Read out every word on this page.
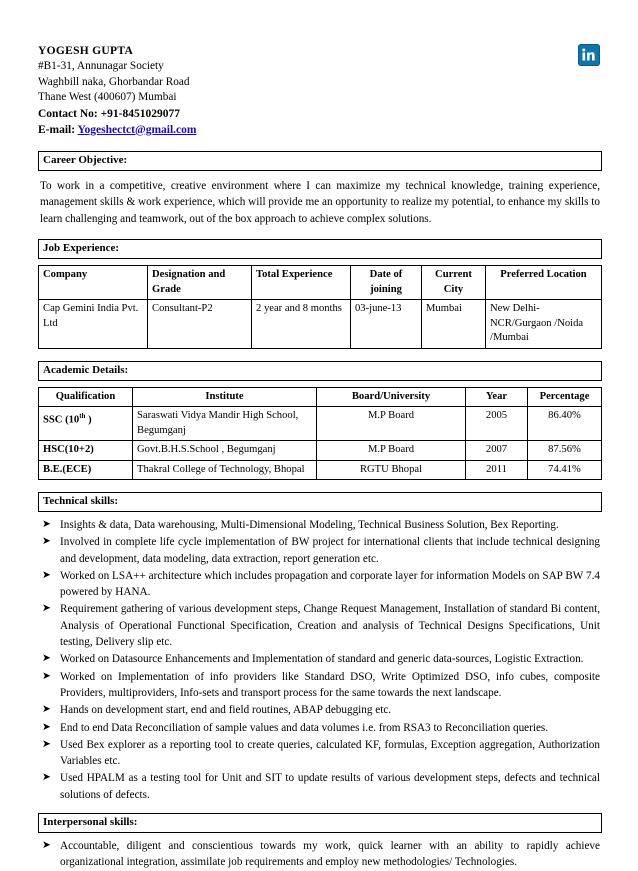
YOGESH GUPTA
#B1-31, Annunagar Society
Waghbill naka, Ghorbandar Road
Thane West (400607) Mumbai
Contact No: +91-8451029077
E-mail: Yogeshectct@gmail.com
Career Objective:
To work in a competitive, creative environment where I can maximize my technical knowledge, training experience, management skills & work experience, which will provide me an opportunity to realize my potential, to enhance my skills to learn challenging and teamwork, out of the box approach to achieve complex solutions.
Job Experience:
Company	Designation and Grade	Total Experience	Date of joining	Current City	Preferred Location
Cap Gemini India Pvt. Ltd	Consultant-P2	2 year and 8 months	03-june-13	Mumbai	New Delhi-NCR/Gurgaon /Noida /Mumbai
Academic Details:
Qualification	Institute	Board/University	Year	Percentage
SSC (10th )	Saraswati Vidya Mandir High School, Begumganj	M.P Board	2005	86.40%
HSC(10+2)	Govt.B.H.S.School , Begumganj	M.P Board	2007	87.56%
B.E.(ECE)	Thakral College of Technology, Bhopal	RGTU Bhopal	2011	74.41%
Technical skills:
➤ Insights & data, Data warehousing, Multi-Dimensional Modeling, Technical Business Solution, Bex Reporting.
➤ Involved in complete life cycle implementation of BW project for international clients that include technical designing and development, data modeling, data extraction, report generation etc.
➤ Worked on LSA++ architecture which includes propagation and corporate layer for information Models on SAP BW 7.4 powered by HANA.
➤ Requirement gathering of various development steps, Change Request Management, Installation of standard Bi content, Analysis of Operational Functional Specification, Creation and analysis of Technical Designs Specifications, Unit testing, Delivery slip etc.
➤ Worked on Datasource Enhancements and Implementation of standard and generic data-sources, Logistic Extraction.
➤ Worked on Implementation of info providers like Standard DSO, Write Optimized DSO, info cubes, composite Providers, multiproviders, Info-sets and transport process for the same towards the next landscape.
➤ Hands on development start, end and field routines, ABAP debugging etc.
➤ End to end Data Reconciliation of sample values and data volumes i.e. from RSA3 to Reconciliation queries.
➤ Used Bex explorer as a reporting tool to create queries, calculated KF, formulas, Exception aggregation, Authorization Variables etc.
➤ Used HPALM as a testing tool for Unit and SIT to update results of various development steps, defects and technical solutions of defects.
Interpersonal skills:
➤ Accountable, diligent and conscientious towards my work, quick learner with an ability to rapidly achieve organizational integration, assimilate job requirements and employ new methodologies/ Technologies.
